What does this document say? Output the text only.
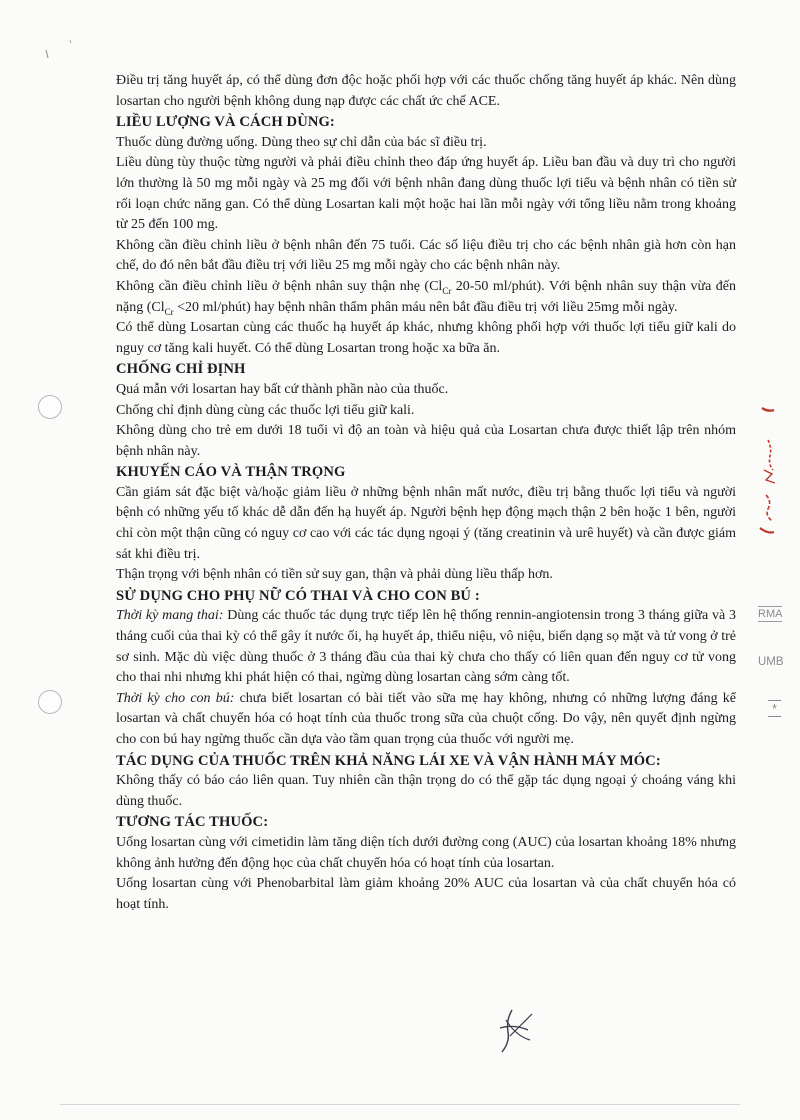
RMA
UMB
*

Điều trị tăng huyết áp, có thể dùng đơn độc hoặc phối hợp với các thuốc chống tăng huyết áp khác. Nên dùng losartan cho người bệnh không dung nạp được các chất ức chế ACE.

LIỀU LƯỢNG VÀ CÁCH DÙNG:

Thuốc dùng đường uống. Dùng theo sự chỉ dẫn của bác sĩ điều trị.

Liều dùng tùy thuộc từng người và phải điều chỉnh theo đáp ứng huyết áp. Liều ban đầu và duy trì cho người lớn thường là 50 mg mỗi ngày và 25 mg đối với bệnh nhân đang dùng thuốc lợi tiểu và bệnh nhân có tiền sử rối loạn chức năng gan. Có thể dùng Losartan kali một hoặc hai lần mỗi ngày với tổng liều nằm trong khoảng từ 25 đến 100 mg.

Không cần điều chỉnh liều ở bệnh nhân đến 75 tuổi. Các số liệu điều trị cho các bệnh nhân già hơn còn hạn chế, do đó nên bắt đầu điều trị với liều 25 mg mỗi ngày cho các bệnh nhân này.

Không cần điều chỉnh liều ở bệnh nhân suy thận nhẹ ($Cl_{Cr}$ 20-50 ml/phút). Với bệnh nhân suy thận vừa đến nặng ($Cl_{Cr} <20$ ml/phút) hay bệnh nhân thẩm phân máu nên bắt đầu điều trị với liều 25mg mỗi ngày.

Có thể dùng Losartan cùng các thuốc hạ huyết áp khác, nhưng không phối hợp với thuốc lợi tiểu giữ kali do nguy cơ tăng kali huyết. Có thể dùng Losartan trong hoặc xa bữa ăn.

CHỐNG CHỈ ĐỊNH

Quá mẫn với losartan hay bất cứ thành phần nào của thuốc.

Chống chỉ định dùng cùng các thuốc lợi tiểu giữ kali.

Không dùng cho trẻ em dưới 18 tuổi vì độ an toàn và hiệu quả của Losartan chưa được thiết lập trên nhóm bệnh nhân này.

KHUYẾN CÁO VÀ THẬN TRỌNG

Cần giám sát đặc biệt và/hoặc giảm liều ở những bệnh nhân mất nước, điều trị bằng thuốc lợi tiểu và người bệnh có những yếu tố khác dễ dẫn đến hạ huyết áp. Người bệnh hẹp động mạch thận 2 bên hoặc 1 bên, người chỉ còn một thận cũng có nguy cơ cao với các tác dụng ngoại ý (tăng creatinin và urê huyết) và cần được giám sát khi điều trị.

Thận trọng với bệnh nhân có tiền sử suy gan, thận và phải dùng liều thấp hơn.

SỬ DỤNG CHO PHỤ NỮ CÓ THAI VÀ CHO CON BÚ :

Thời kỳ mang thai: Dùng các thuốc tác dụng trực tiếp lên hệ thống rennin-angiotensin trong 3 tháng giữa và 3 tháng cuối của thai kỳ có thể gây ít nước ối, hạ huyết áp, thiểu niệu, vô niệu, biến dạng sọ mặt và tử vong ở trẻ sơ sinh. Mặc dù việc dùng thuốc ở 3 tháng đầu của thai kỳ chưa cho thấy có liên quan đến nguy cơ tử vong cho thai nhi nhưng khi phát hiện có thai, ngừng dùng losartan càng sớm càng tốt.

Thời kỳ cho con bú: chưa biết losartan có bài tiết vào sữa mẹ hay không, nhưng có những lượng đáng kể losartan và chất chuyển hóa có hoạt tính của thuốc trong sữa của chuột cống. Do vậy, nên quyết định ngừng cho con bú hay ngừng thuốc cần dựa vào tầm quan trọng của thuốc với người mẹ.

TÁC DỤNG CỦA THUỐC TRÊN KHẢ NĂNG LÁI XE VÀ VẬN HÀNH MÁY MÓC:

Không thấy có báo cáo liên quan. Tuy nhiên cần thận trọng do có thể gặp tác dụng ngoại ý choáng váng khi dùng thuốc.

TƯƠNG TÁC THUỐC:

Uống losartan cùng với cimetidin làm tăng diện tích dưới đường cong (AUC) của losartan khoảng 18% nhưng không ảnh hưởng đến động học của chất chuyển hóa có hoạt tính của losartan.

Uống losartan cùng với Phenobarbital làm giảm khoảng 20% AUC của losartan và của chất chuyển hóa có hoạt tính.
